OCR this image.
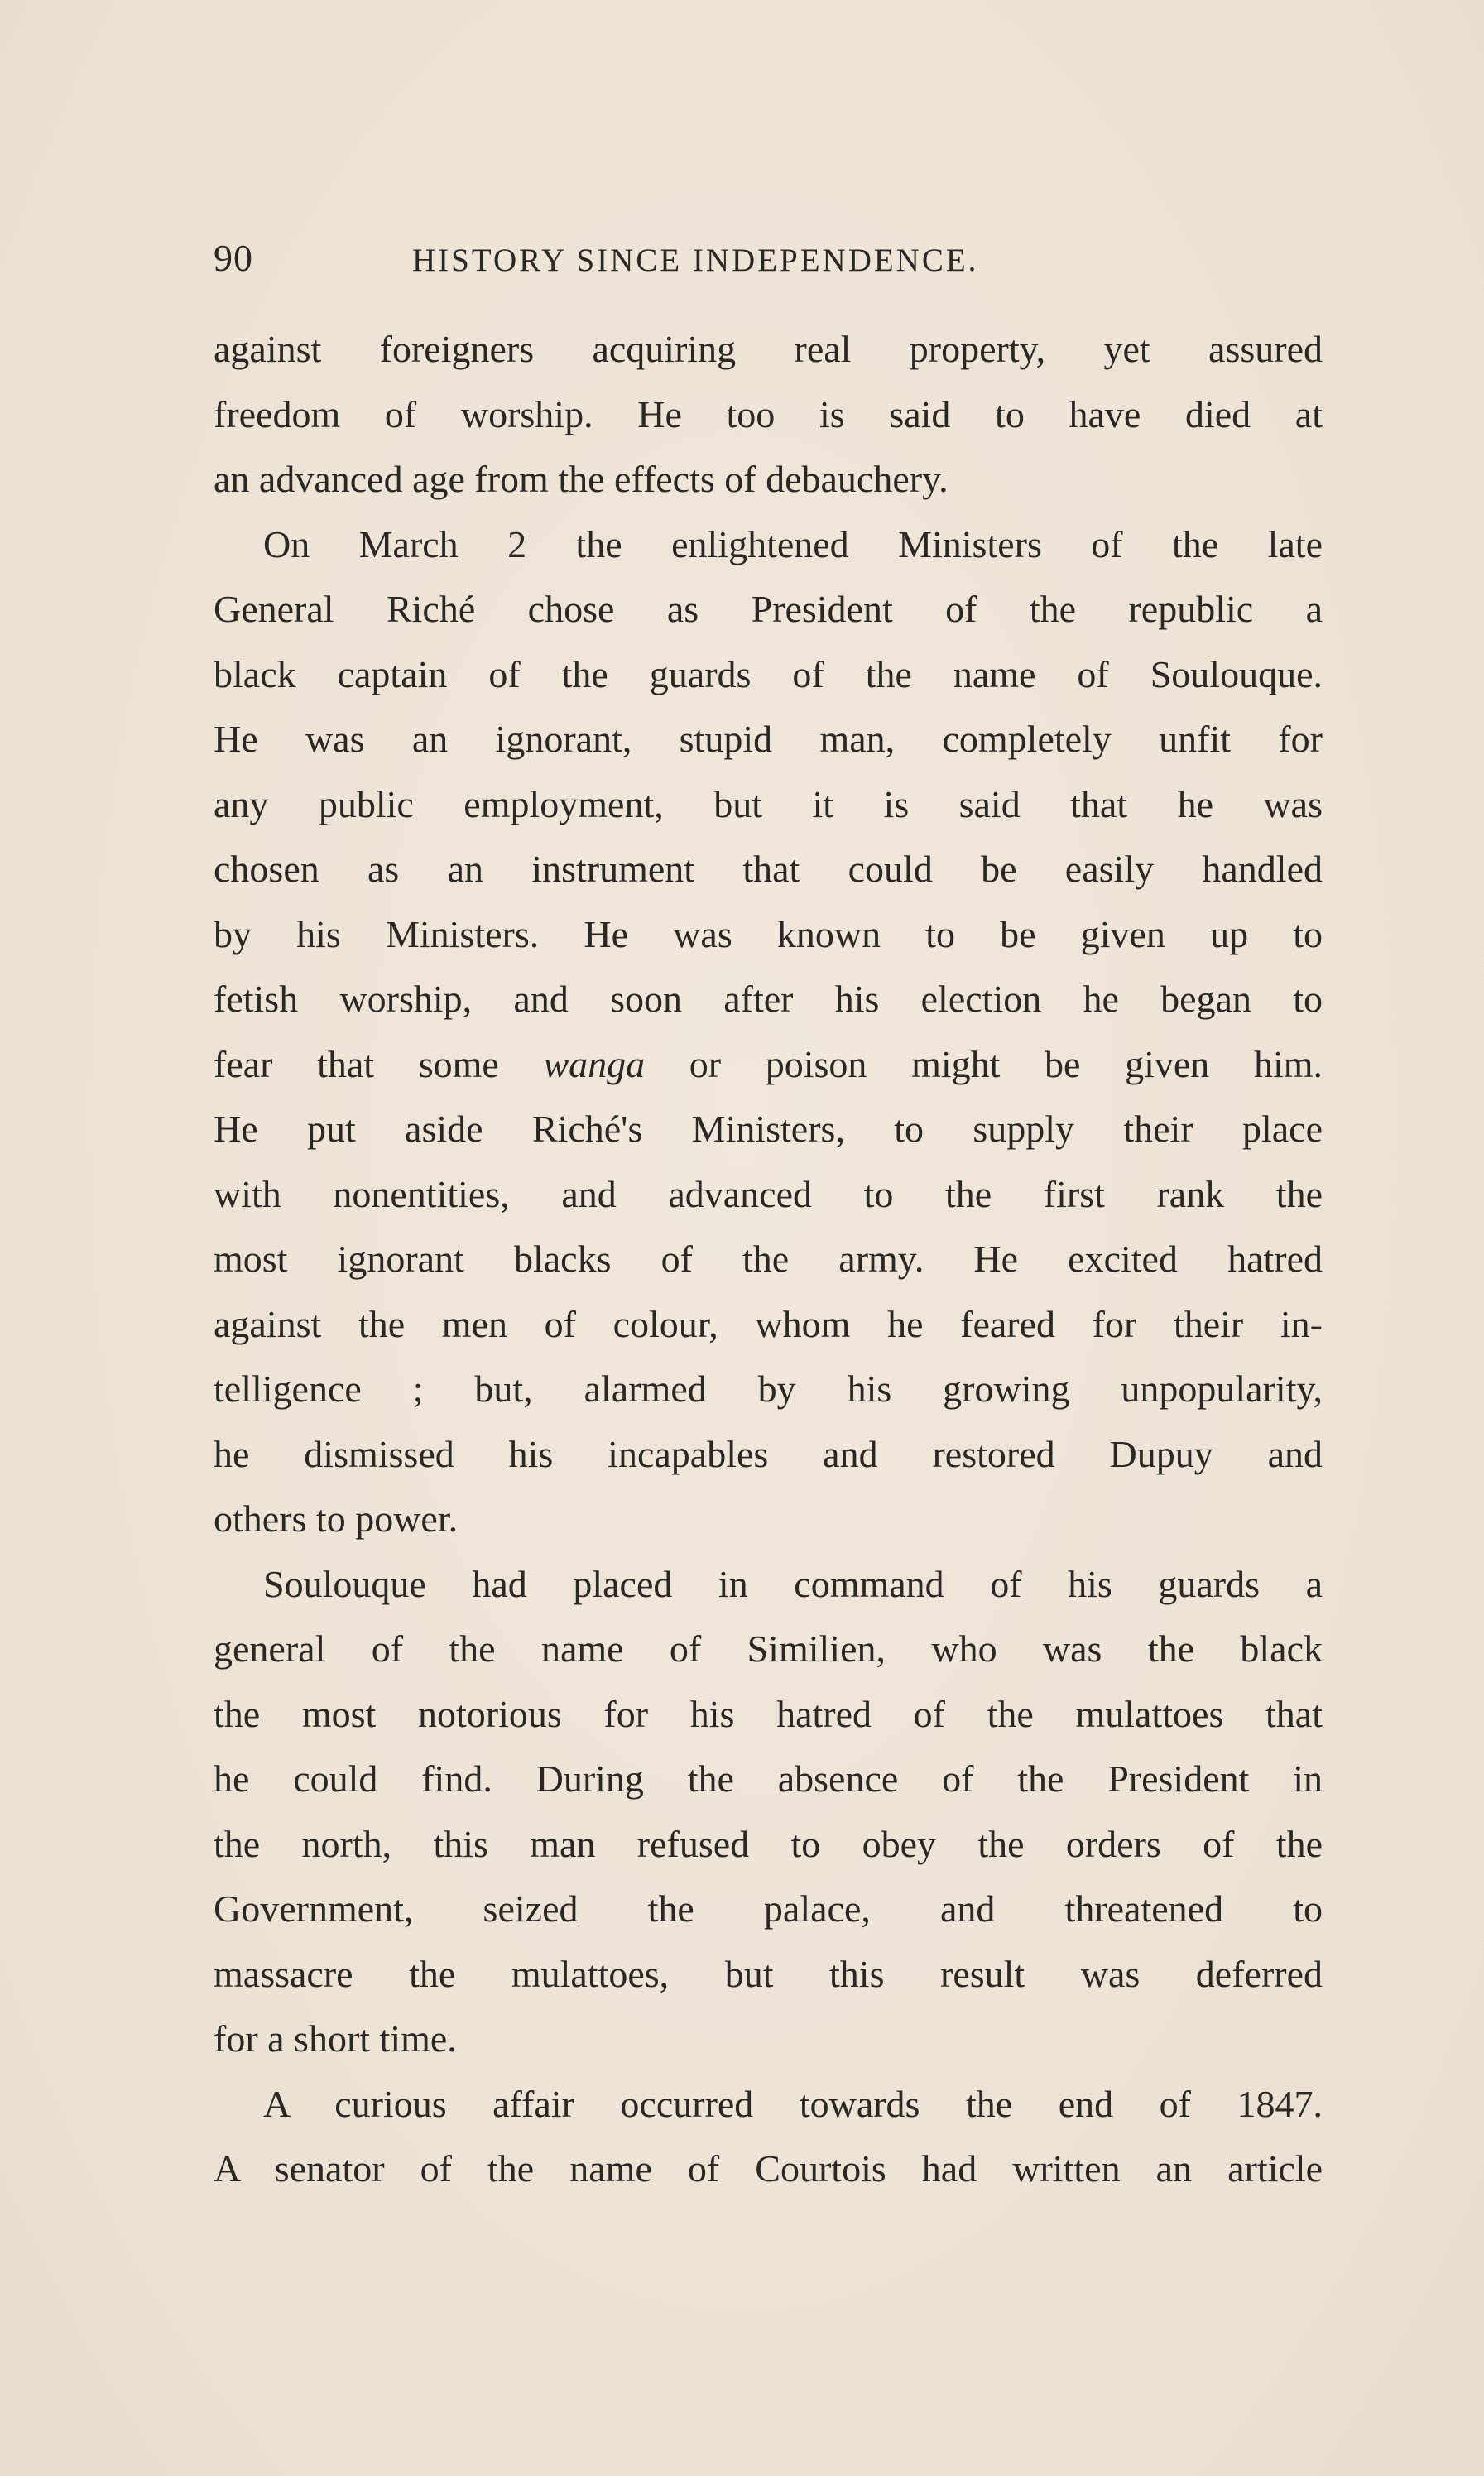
90	HISTORY SINCE INDEPENDENCE.
against foreigners acquiring real property, yet assured
freedom of worship. He too is said to have died at
an advanced age from the effects of debauchery.
On March 2 the enlightened Ministers of the late
General Riché chose as President of the republic a
black captain of the guards of the name of Soulouque.
He was an ignorant, stupid man, completely unfit for
any public employment, but it is said that he was
chosen as an instrument that could be easily handled
by his Ministers. He was known to be given up to
fetish worship, and soon after his election he began to
fear that some wanga or poison might be given him.
He put aside Riché's Ministers, to supply their place
with nonentities, and advanced to the first rank the
most ignorant blacks of the army. He excited hatred
against the men of colour, whom he feared for their in-
telligence ; but, alarmed by his growing unpopularity,
he dismissed his incapables and restored Dupuy and
others to power.
Soulouque had placed in command of his guards a
general of the name of Similien, who was the black
the most notorious for his hatred of the mulattoes that
he could find. During the absence of the President in
the north, this man refused to obey the orders of the
Government, seized the palace, and threatened to
massacre the mulattoes, but this result was deferred
for a short time.
A curious affair occurred towards the end of 1847.
A senator of the name of Courtois had written an article
